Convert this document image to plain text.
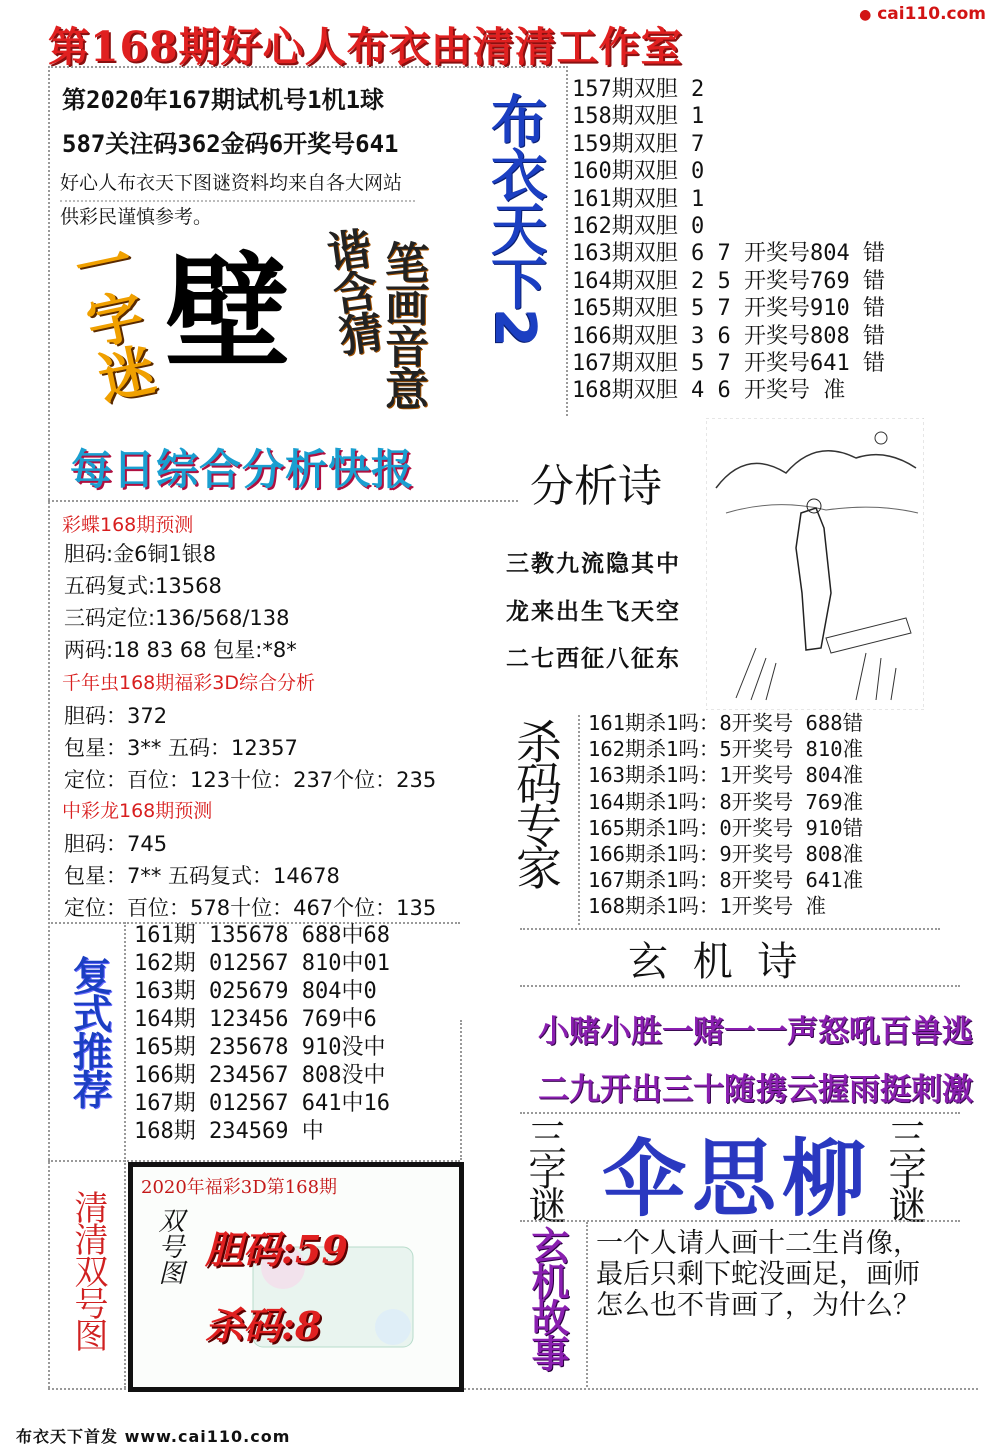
第168期好心人布衣由清清工作室
● cai110.com
第2020年167期试机号1机1球
587关注码362金码6开奖号641
好心人布衣天下图谜资料均来自各大网站
供彩民谨慎参考。	布衣天下2
一字迷 壁 谐含猜
笔画音意
每日综合分析快报
157期双胆 2
158期双胆 1
159期双胆 7
160期双胆 0
161期双胆 1
162期双胆 0
163期双胆 6 7 开奖号804 错
164期双胆 2 5 开奖号769 错
165期双胆 5 7 开奖号910 错
166期双胆 3 6 开奖号808 错
167期双胆 5 7 开奖号641 错
168期双胆 4 6 开奖号 准
分析诗
三教九流隐其中
龙来出生飞天空
二七西征八征东
彩蝶168期预测
胆码:金6铜1银8
五码复式:13568
三码定位:136/568/138
两码:18 83 68 包星:*8*
千年虫168期福彩3D综合分析
胆码：372
包星：3** 五码：12357
定位：百位：123十位：237个位：235
中彩龙168期预测
胆码：745
包星：7** 五码复式：14678
定位：百位：578十位：467个位：135
杀码专家 161期杀1吗：8开奖号 688错
162期杀1吗：5开奖号 810准
163期杀1吗：1开奖号 804准
164期杀1吗：8开奖号 769准
165期杀1吗：0开奖号 910错
166期杀1吗：9开奖号 808准
167期杀1吗：8开奖号 641准
168期杀1吗：1开奖号 准
复式推荐
161期 135678 688中68
162期 012567 810中01
163期 025679 804中0
164期 123456 769中6
165期 235678 910没中
166期 234567 808没中
167期 012567 641中16
168期 234569 中
玄 机 诗
小赌小胜一赌一 一声怒吼百兽逃
二九开出三十随 携云握雨挺刺激
三字谜 伞思柳 三字谜
玄机故事 一个人请人画十二生肖像，最后只剩下蛇没画足，画师怎么也不肯画了，为什么？
清清双号图
2020年福彩3D第168期
双号图 胆码:59
杀码:8
布衣天下首发 www.cai110.com
